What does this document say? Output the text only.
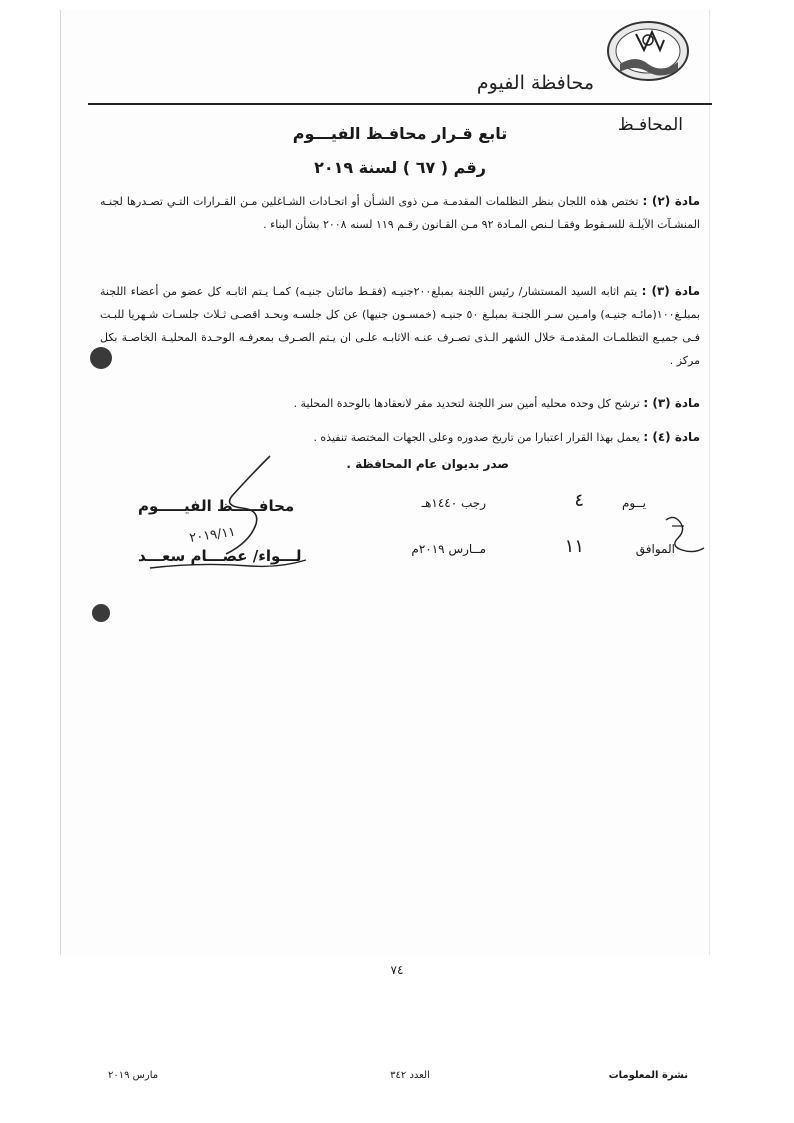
محافظة الفيوم
المحافـظ
تابع قـرار محافـظ الفيـــوم
رقم ( ٦٧ ) لسنة ٢٠١٩
مادة (٢) : تختص هذه اللجان بنظر التظلمات المقدمـة مـن ذوى الشـأن أو اتحـادات الشـاغلين مـن القـرارات التـي تصـدرها لجنـه المنشـآت الآيلـة للسـقوط وفقـا لـنص المـادة ٩٢ مـن القـانون رقـم ١١٩ لسنه ٢٠٠٨ بشأن البناء .
مادة (٣) : يتم اثابه السيد المستشار/ رئيس اللجنة بمبلغ٢٠٠جنيـه (فقـط مائتان جنيـه) كمـا يـتم اثابـه كل عضو من أعضاء اللجنة بمبلـغ١٠٠(مائـه جنيـه) وامـين سـر اللجنـة بمبلـغ ٥٠ جنيـه (خمسـون جنيها) عن كل جلسـه وبحـد اقصـى ثـلاث جلسـات شـهريا للبـت فـى جميـع التظلمـات المقدمـة خلال الشهر الـذى تصـرف عنـه الاثابـه علـى ان يـتم الصـرف بمعرفـه الوحـدة المحليـة الخاصـة بكل مركز .
مادة (٣) : ترشح كل وحده محليه أمين سر اللجنة لتحديد مقر لانعقادها بالوحدة المحلية .
مادة (٤) : يعمل بهذا القرار اعتبارا من تاريخ صدوره وعلى الجهات المختصة تنفيذه .
صدر بديوان عام المحافظة .
يــوم
٤
رجب ١٤٤٠هـ
الموافق
١١
مــارس ٢٠١٩م
محافـــــظ الفيـــــوم
لـــواء/ عصـــام سعـــد
٢٠١٩/١١
٧٤
مارس ٢٠١٩	العدد ٣٤٢	نشرة المعلومات
